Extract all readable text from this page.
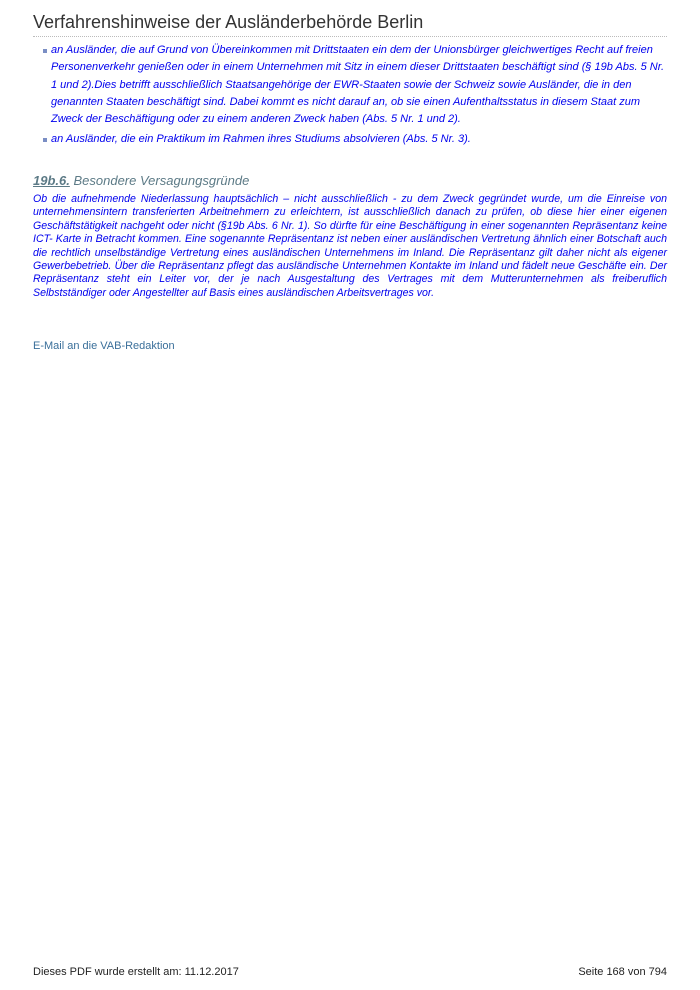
Verfahrenshinweise der Ausländerbehörde Berlin
an Ausländer, die auf Grund von Übereinkommen mit Drittstaaten ein dem der Unionsbürger gleichwertiges Recht auf freien Personenverkehr genießen oder in einem Unternehmen mit Sitz in einem dieser Drittstaaten beschäftigt sind (§ 19b Abs. 5 Nr. 1 und 2).Dies betrifft ausschließlich Staatsangehörige der EWR-Staaten sowie der Schweiz sowie Ausländer, die in den genannten Staaten beschäftigt sind. Dabei kommt es nicht darauf an, ob sie einen Aufenthaltsstatus in diesem Staat zum Zweck der Beschäftigung oder zu einem anderen Zweck haben (Abs. 5 Nr. 1 und 2).
an Ausländer, die ein Praktikum im Rahmen ihres Studiums absolvieren (Abs. 5 Nr. 3).
19b.6. Besondere Versagungsgründe

Ob die aufnehmende Niederlassung hauptsächlich – nicht ausschließlich - zu dem Zweck gegründet wurde, um die Einreise von unternehmensintern transferierten Arbeitnehmern zu erleichtern, ist ausschließlich danach zu prüfen, ob diese hier einer eigenen Geschäftstätigkeit nachgeht oder nicht (§19b Abs. 6 Nr. 1). So dürfte für eine Beschäftigung in einer sogenannten Repräsentanz keine ICT- Karte in Betracht kommen. Eine sogenannte Repräsentanz ist neben einer ausländischen Vertretung ähnlich einer Botschaft auch die rechtlich unselbständige Vertretung eines ausländischen Unternehmens im Inland. Die Repräsentanz gilt daher nicht als eigener Gewerbebetrieb. Über die Repräsentanz pflegt das ausländische Unternehmen Kontakte im Inland und fädelt neue Geschäfte ein. Der Repräsentanz steht ein Leiter vor, der je nach Ausgestaltung des Vertrages mit dem Mutterunternehmen als freiberuflich Selbstständiger oder Angestellter auf Basis eines ausländischen Arbeitsvertrages vor.

E-Mail an die VAB-Redaktion
Dieses PDF wurde erstellt am: 11.12.2017	Seite 168 von 794
